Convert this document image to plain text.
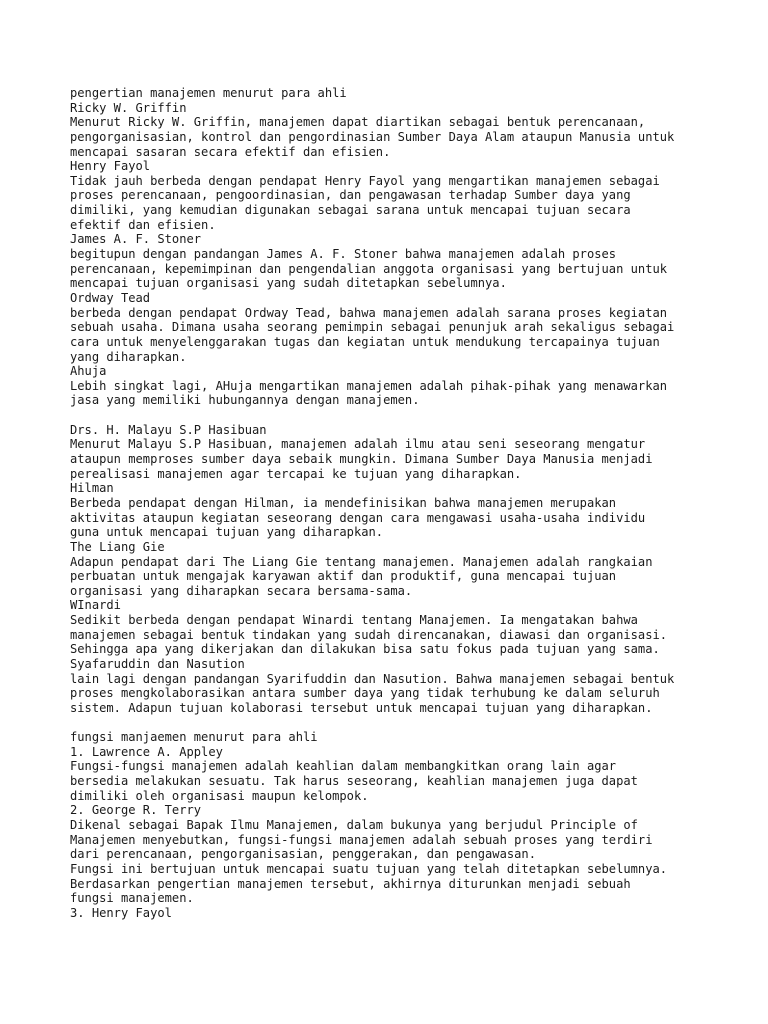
pengertian manajemen menurut para ahli
Ricky W. Griffin
Menurut Ricky W. Griffin, manajemen dapat diartikan sebagai bentuk perencanaan,
pengorganisasian, kontrol dan pengordinasian Sumber Daya Alam ataupun Manusia untuk
mencapai sasaran secara efektif dan efisien.
Henry Fayol
Tidak jauh berbeda dengan pendapat Henry Fayol yang mengartikan manajemen sebagai
proses perencanaan, pengoordinasian, dan pengawasan terhadap Sumber daya yang
dimiliki, yang kemudian digunakan sebagai sarana untuk mencapai tujuan secara
efektif dan efisien.
James A. F. Stoner
begitupun dengan pandangan James A. F. Stoner bahwa manajemen adalah proses
perencanaan, kepemimpinan dan pengendalian anggota organisasi yang bertujuan untuk
mencapai tujuan organisasi yang sudah ditetapkan sebelumnya.
Ordway Tead
berbeda dengan pendapat Ordway Tead, bahwa manajemen adalah sarana proses kegiatan
sebuah usaha. Dimana usaha seorang pemimpin sebagai penunjuk arah sekaligus sebagai
cara untuk menyelenggarakan tugas dan kegiatan untuk mendukung tercapainya tujuan
yang diharapkan.
Ahuja
Lebih singkat lagi, AHuja mengartikan manajemen adalah pihak-pihak yang menawarkan
jasa yang memiliki hubungannya dengan manajemen.
Drs. H. Malayu S.P Hasibuan
Menurut Malayu S.P Hasibuan, manajemen adalah ilmu atau seni seseorang mengatur
ataupun memproses sumber daya sebaik mungkin. Dimana Sumber Daya Manusia menjadi
perealisasi manajemen agar tercapai ke tujuan yang diharapkan.
Hilman
Berbeda pendapat dengan Hilman, ia mendefinisikan bahwa manajemen merupakan
aktivitas ataupun kegiatan seseorang dengan cara mengawasi usaha-usaha individu
guna untuk mencapai tujuan yang diharapkan.
The Liang Gie
Adapun pendapat dari The Liang Gie tentang manajemen. Manajemen adalah rangkaian
perbuatan untuk mengajak karyawan aktif dan produktif, guna mencapai tujuan
organisasi yang diharapkan secara bersama-sama.
WInardi
Sedikit berbeda dengan pendapat Winardi tentang Manajemen. Ia mengatakan bahwa
manajemen sebagai bentuk tindakan yang sudah direncanakan, diawasi dan organisasi.
Sehingga apa yang dikerjakan dan dilakukan bisa satu fokus pada tujuan yang sama.
Syafaruddin dan Nasution
lain lagi dengan pandangan Syarifuddin dan Nasution. Bahwa manajemen sebagai bentuk
proses mengkolaborasikan antara sumber daya yang tidak terhubung ke dalam seluruh
sistem. Adapun tujuan kolaborasi tersebut untuk mencapai tujuan yang diharapkan.
fungsi manjaemen menurut para ahli
1. Lawrence A. Appley
Fungsi-fungsi manajemen adalah keahlian dalam membangkitkan orang lain agar
bersedia melakukan sesuatu. Tak harus seseorang, keahlian manajemen juga dapat
dimiliki oleh organisasi maupun kelompok.
2. George R. Terry
Dikenal sebagai Bapak Ilmu Manajemen, dalam bukunya yang berjudul Principle of
Manajemen menyebutkan, fungsi-fungsi manajemen adalah sebuah proses yang terdiri
dari perencanaan, pengorganisasian, penggerakan, dan pengawasan.
Fungsi ini bertujuan untuk mencapai suatu tujuan yang telah ditetapkan sebelumnya.
Berdasarkan pengertian manajemen tersebut, akhirnya diturunkan menjadi sebuah
fungsi manajemen.
3. Henry Fayol
